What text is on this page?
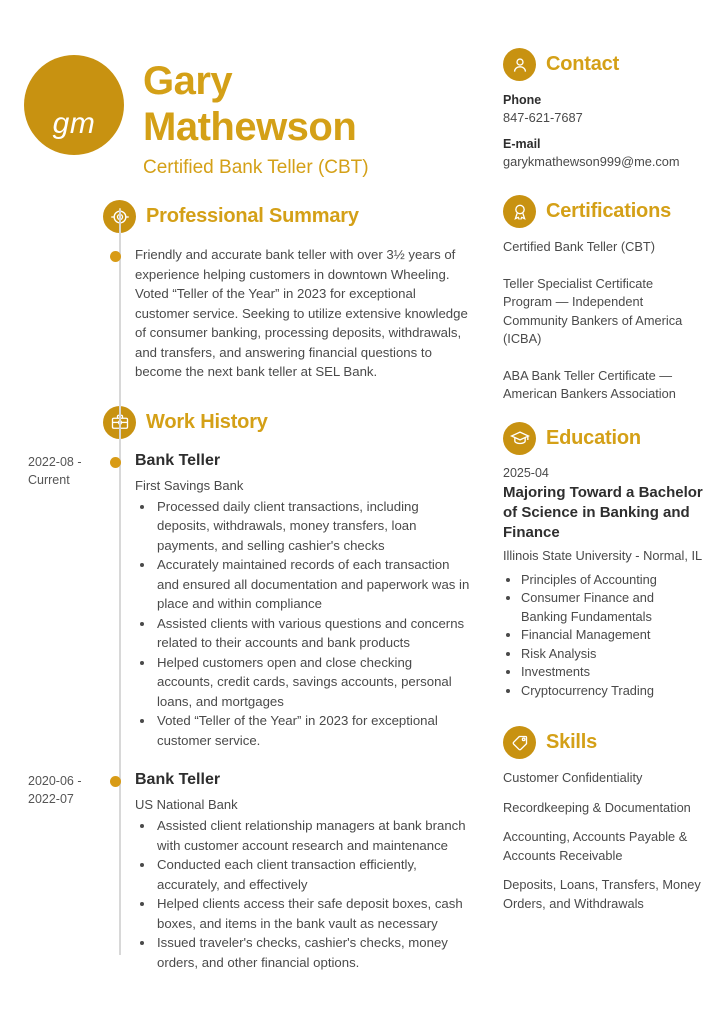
gm
Gary
Mathewson
Certified Bank Teller (CBT)
Professional Summary
Friendly and accurate bank teller with over 3½ years of experience helping customers in downtown Wheeling. Voted “Teller of the Year” in 2023 for exceptional customer service. Seeking to utilize extensive knowledge of consumer banking, processing deposits, withdrawals, and transfers, and answering financial questions to become the next bank teller at SEL Bank.
Work History
2022-08 - Current
Bank Teller
First Savings Bank
• Processed daily client transactions, including deposits, withdrawals, money transfers, loan payments, and selling cashier's checks
• Accurately maintained records of each transaction and ensured all documentation and paperwork was in place and within compliance
• Assisted clients with various questions and concerns related to their accounts and bank products
• Helped customers open and close checking accounts, credit cards, savings accounts, personal loans, and mortgages
• Voted “Teller of the Year” in 2023 for exceptional customer service.
2020-06 - 2022-07
Bank Teller
US National Bank
• Assisted client relationship managers at bank branch with customer account research and maintenance
• Conducted each client transaction efficiently, accurately, and effectively
• Helped clients access their safe deposit boxes, cash boxes, and items in the bank vault as necessary
• Issued traveler's checks, cashier's checks, money orders, and other financial options.
Contact
Phone
847-621-7687
E-mail
garykmathewson999@me.com
Certifications
Certified Bank Teller (CBT)
Teller Specialist Certificate Program — Independent Community Bankers of America (ICBA)
ABA Bank Teller Certificate — American Bankers Association
Education
2025-04
Majoring Toward a Bachelor of Science in Banking and Finance
Illinois State University - Normal, IL
• Principles of Accounting
• Consumer Finance and Banking Fundamentals
• Financial Management
• Risk Analysis
• Investments
• Cryptocurrency Trading
Skills
Customer Confidentiality
Recordkeeping & Documentation
Accounting, Accounts Payable & Accounts Receivable
Deposits, Loans, Transfers, Money Orders, and Withdrawals
